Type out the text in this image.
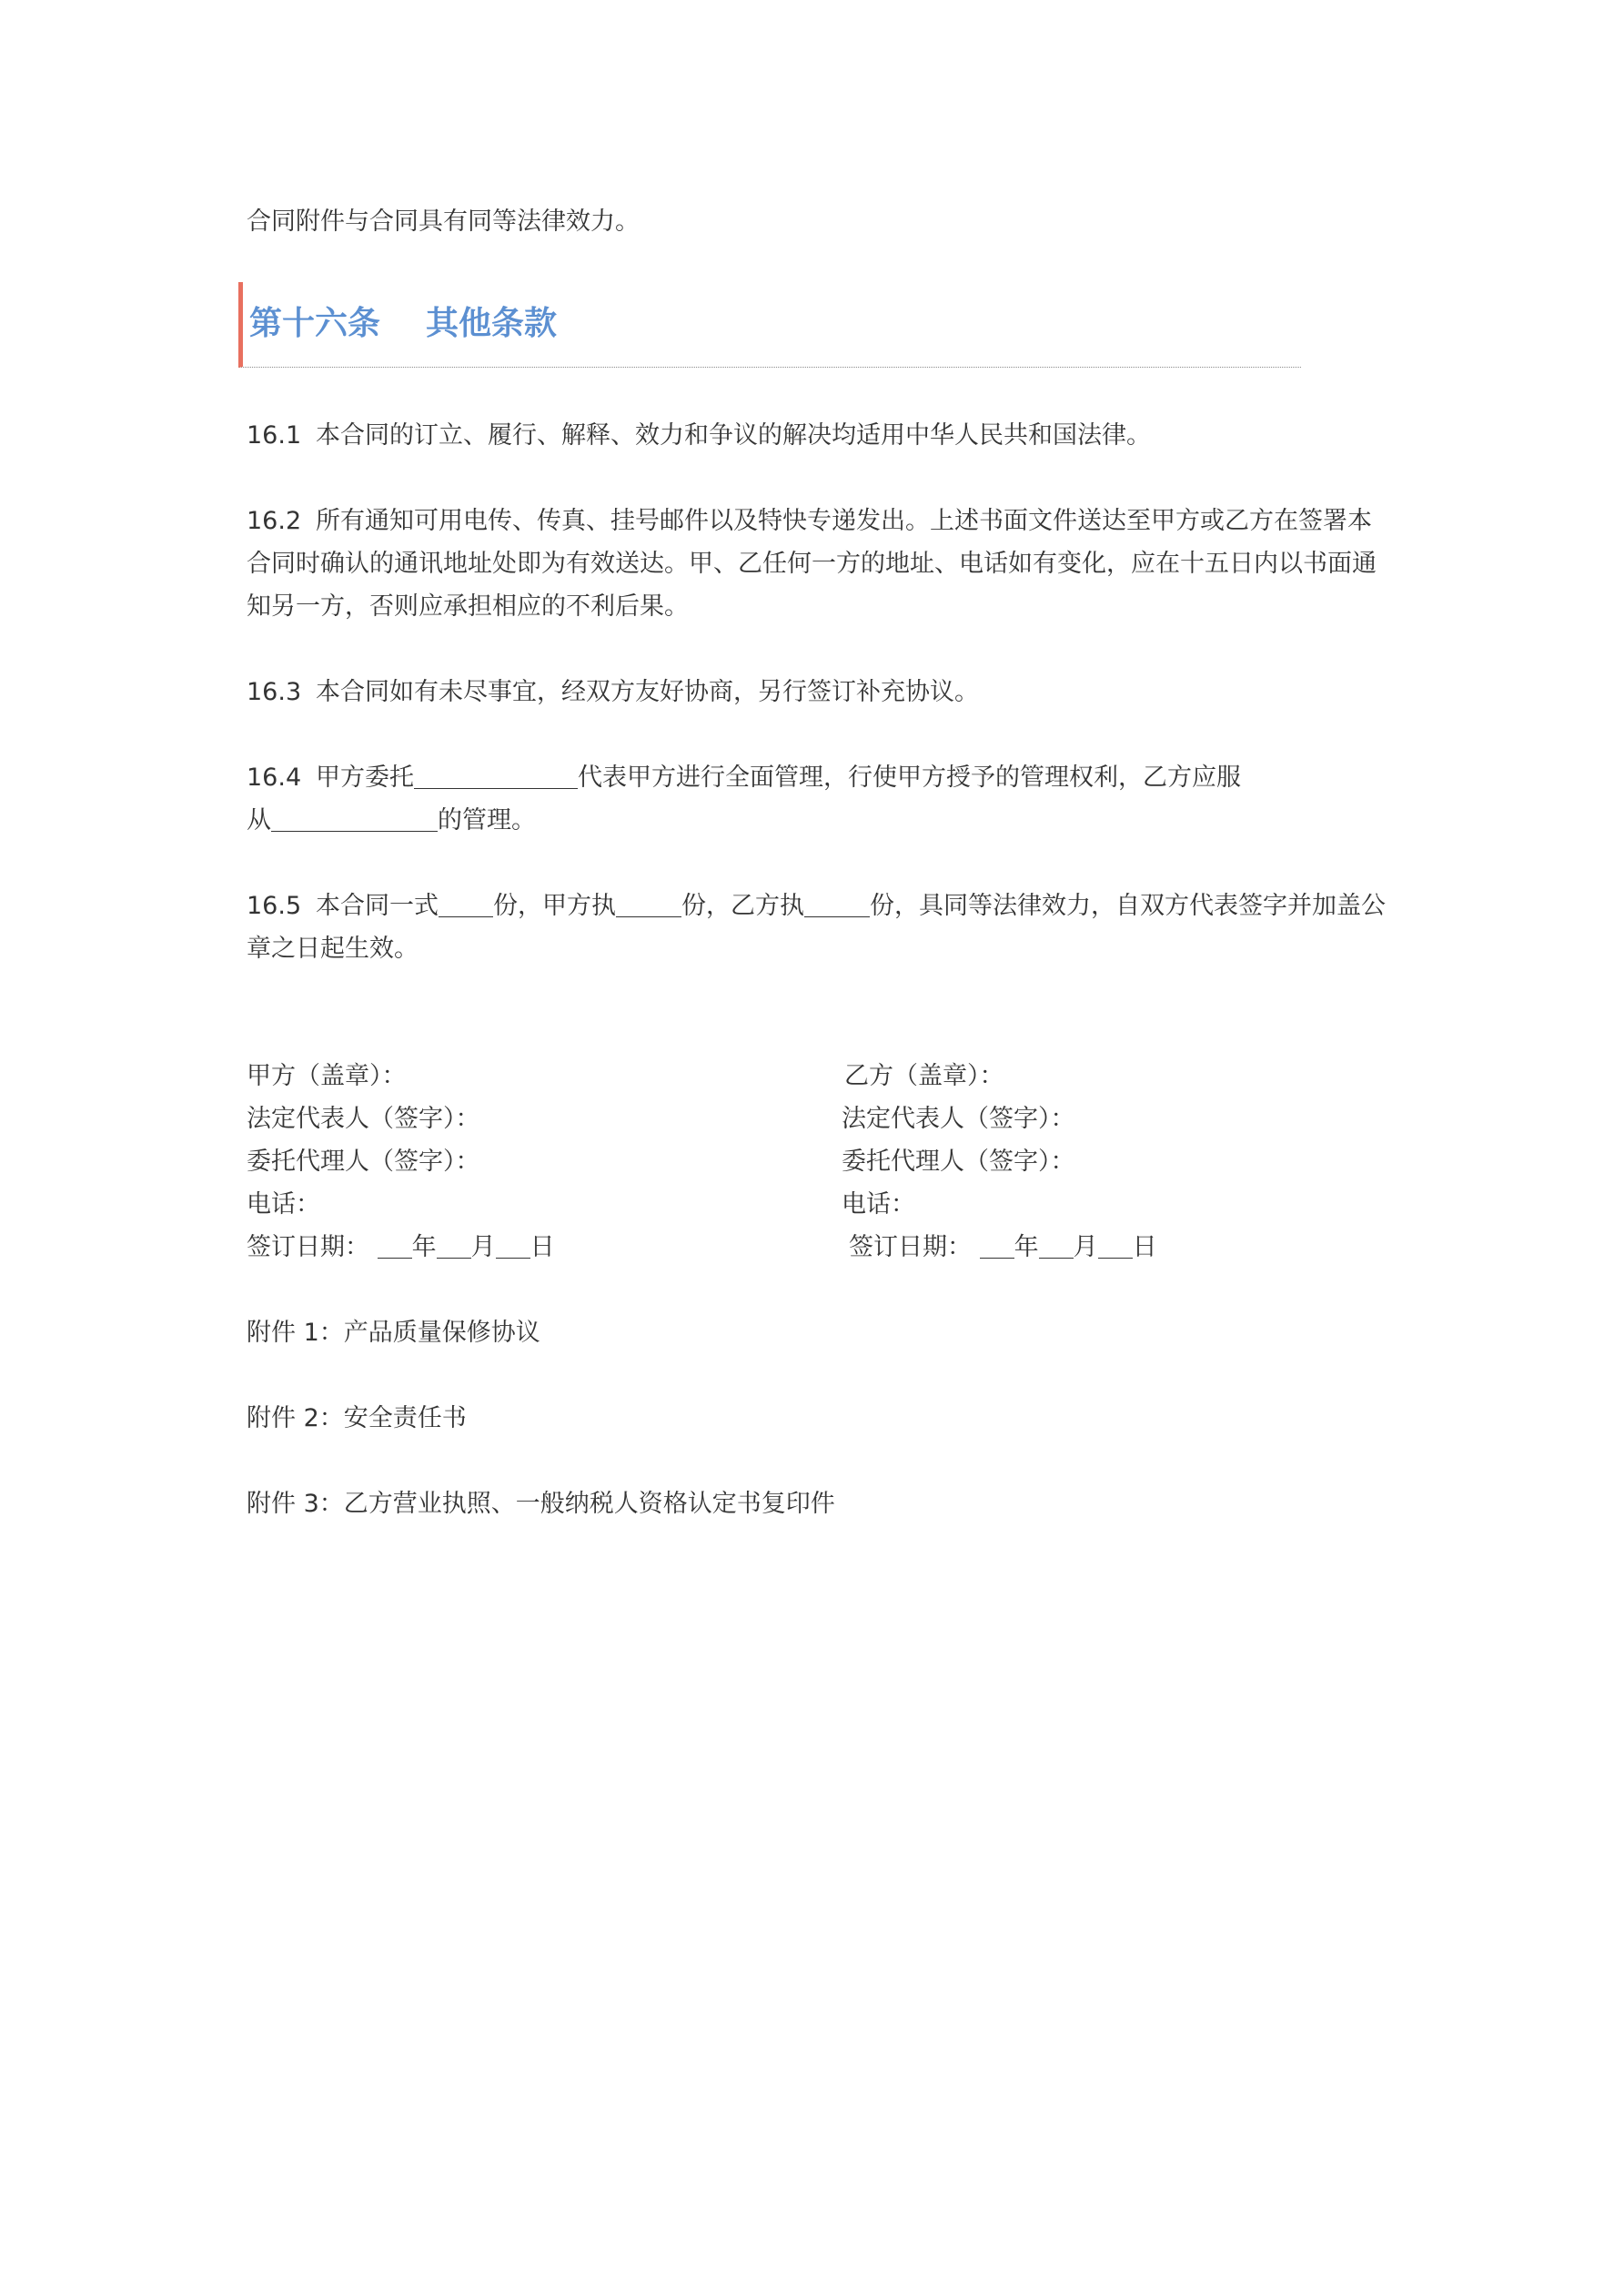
合同附件与合同具有同等法律效力。

第十六条 其他条款

16.1 本合同的订立、履行、解释、效力和争议的解决均适用中华人民共和国法律。

16.2 所有通知可用电传、传真、挂号邮件以及特快专递发出。上述书面文件送达至甲方或乙方在签署本

合同时确认的通讯地址处即为有效送达。甲、乙任何一方的地址、电话如有变化，应在十五日内以书面通

知另一方，否则应承担相应的不利后果。

16.3 本合同如有未尽事宜，经双方友好协商，另行签订补充协议。

16.4 甲方委托	代表甲方进行全面管理，行使甲方授予的管理权利，乙方应服

从	的管理。

16.5 本合同一式 份，甲方执	份，乙方执	份，具同等法律效力，自双方代表签字并加盖公

章之日起生效。

甲方（盖章）：

法定代表人（签字）：

委托代理人（签字）：

电话：

签订日期： 年 月 日

乙方（盖章）：

法定代表人（签字）：

委托代理人（签字）：

电话：

签订日期： 年 月 日

附件 1：产品质量保修协议

附件 2：安全责任书

附件 3：乙方营业执照、一般纳税人资格认定书复印件
